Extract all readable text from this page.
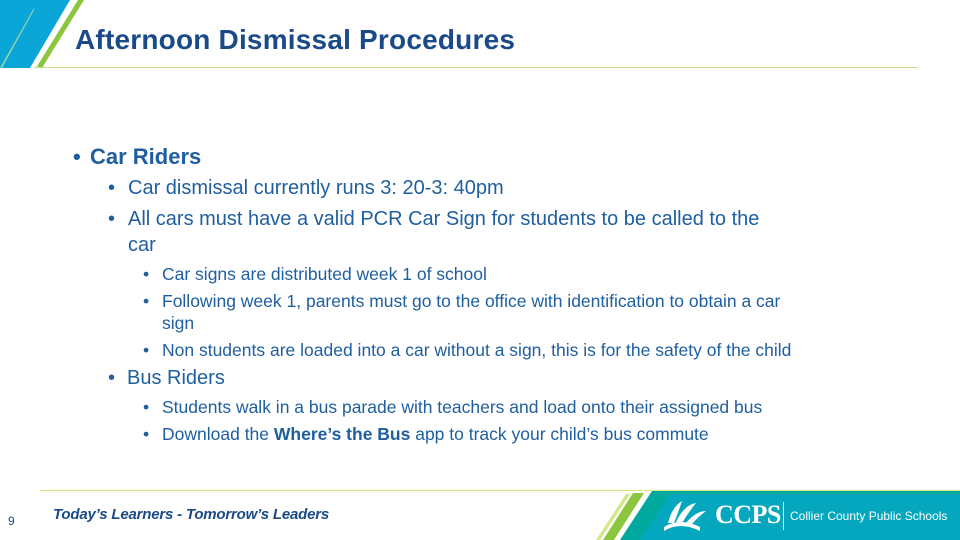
Afternoon Dismissal Procedures
• Car Riders
• Car dismissal currently runs 3: 20-3: 40pm
• All cars must have a valid PCR Car Sign for students to be called to the
car
• Car signs are distributed week 1 of school
• Following week 1, parents must go to the office with identification to obtain a car
sign
• Non students are loaded into a car without a sign, this is for the safety of the child
• Bus Riders
• Students walk in a bus parade with teachers and load onto their assigned bus
• Download the Where’s the Bus app to track your child’s bus commute
9	Today’s Learners - Tomorrow’s Leaders	CCPS Collier County Public Schools
